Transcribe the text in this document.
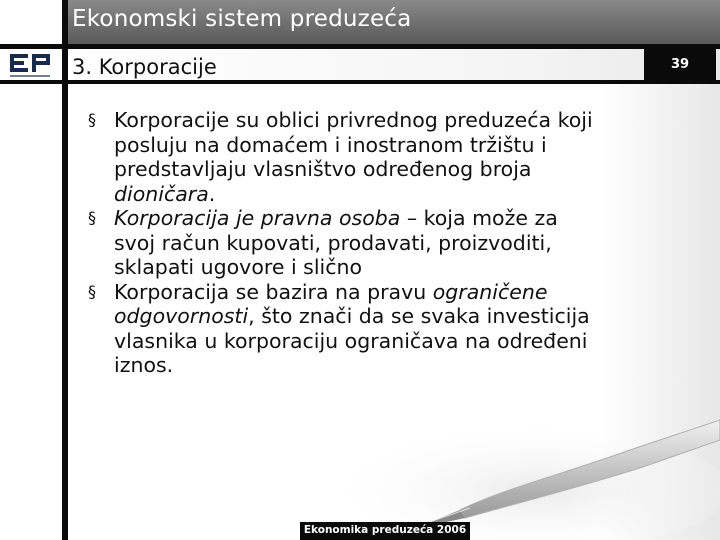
Ekonomski sistem preduzeća
3. Korporacije	39
§ Korporacije su oblici privrednog preduzeća koji
posluju na domaćem i inostranom tržištu i
predstavljaju vlasništvo određenog broja
dioničara.
§ Korporacija je pravna osoba – koja može za
svoj račun kupovati, prodavati, proizvoditi,
sklapati ugovore i slično
§ Korporacija se bazira na pravu ograničene
odgovornosti, što znači da se svaka investicija
vlasnika u korporaciju ograničava na određeni
iznos.
Ekonomika preduzeća 2006
